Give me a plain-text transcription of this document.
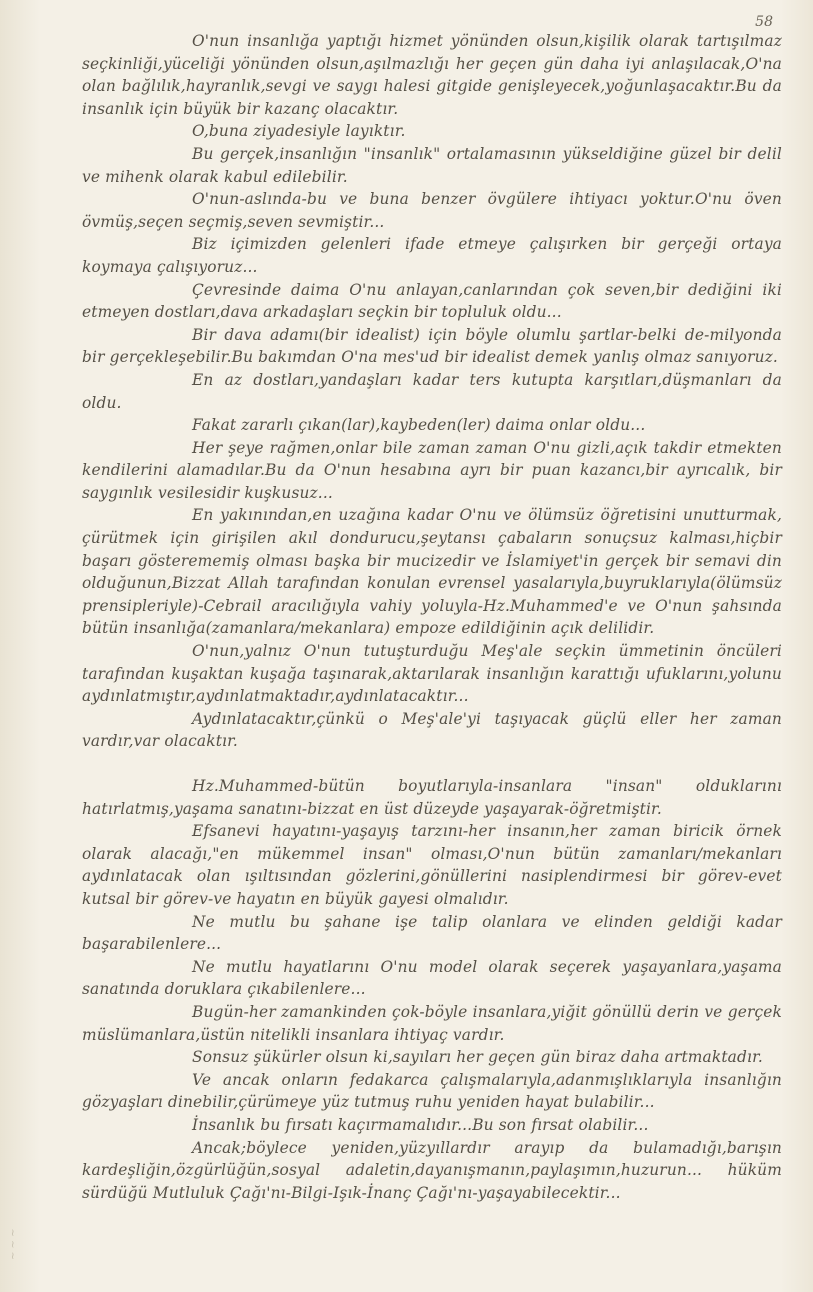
58
~ ~ ~

O'nun insanlığa yaptığı hizmet yönünden olsun,kişilik olarak tartışılmaz seçkinliği,yüceliği yönünden olsun,aşılmazlığı her geçen gün daha iyi anlaşılacak,O'na olan bağlılık,hayranlık,sevgi ve saygı halesi gitgide genişleyecek,yoğunlaşacaktır.Bu da insanlık için büyük bir kazanç olacaktır.

O,buna ziyadesiyle layıktır.

Bu gerçek,insanlığın "insanlık" ortalamasının yükseldiğine güzel bir delil ve mihenk olarak kabul edilebilir.

O'nun-aslında-bu ve buna benzer övgülere ihtiyacı yoktur.O'nu öven övmüş,seçen seçmiş,seven sevmiştir...

Biz içimizden gelenleri ifade etmeye çalışırken bir gerçeği ortaya koymaya çalışıyoruz...

Çevresinde daima O'nu anlayan,canlarından çok seven,bir dediğini iki etmeyen dostları,dava arkadaşları seçkin bir topluluk oldu...

Bir dava adamı(bir idealist) için böyle olumlu şartlar-belki de-milyonda bir gerçekleşebilir.Bu bakımdan O'na mes'ud bir idealist demek yanlış olmaz sanıyoruz.

En az dostları,yandaşları kadar ters kutupta karşıtları,düşmanları da oldu.

Fakat zararlı çıkan(lar),kaybeden(ler) daima onlar oldu...

Her şeye rağmen,onlar bile zaman zaman O'nu gizli,açık takdir etmekten kendilerini alamadılar.Bu da O'nun hesabına ayrı bir puan kazancı,bir ayrıcalık, bir saygınlık vesilesidir kuşkusuz...

En yakınından,en uzağına kadar O'nu ve ölümsüz öğretisini unutturmak, çürütmek için girişilen akıl dondurucu,şeytansı çabaların sonuçsuz kalması,hiçbir başarı gösterememiş olması başka bir mucizedir ve İslamiyet'in gerçek bir semavi din olduğunun,Bizzat Allah tarafından konulan evrensel yasalarıyla,buyruklarıyla(ölümsüz prensipleriyle)-Cebrail aracılığıyla vahiy yoluyla-Hz.Muhammed'e ve O'nun şahsında bütün insanlığa(zamanlara/mekanlara) empoze edildiğinin açık delilidir.

O'nun,yalnız O'nun tutuşturduğu Meş'ale seçkin ümmetinin öncüleri tarafından kuşaktan kuşağa taşınarak,aktarılarak insanlığın karattığı ufuklarını,yolunu aydınlatmıştır,aydınlatmaktadır,aydınlatacaktır...

Aydınlatacaktır,çünkü o Meş'ale'yi taşıyacak güçlü eller her zaman vardır,var olacaktır.

Hz.Muhammed-bütün boyutlarıyla-insanlara "insan" olduklarını hatırlatmış,yaşama sanatını-bizzat en üst düzeyde yaşayarak-öğretmiştir.

Efsanevi hayatını-yaşayış tarzını-her insanın,her zaman biricik örnek olarak alacağı,"en mükemmel insan" olması,O'nun bütün zamanları/mekanları aydınlatacak olan ışıltısından gözlerini,gönüllerini nasiplendirmesi bir görev-evet kutsal bir görev-ve hayatın en büyük gayesi olmalıdır.

Ne mutlu bu şahane işe talip olanlara ve elinden geldiği kadar başarabilenlere...

Ne mutlu hayatlarını O'nu model olarak seçerek yaşayanlara,yaşama sanatında doruklara çıkabilenlere...

Bugün-her zamankinden çok-böyle insanlara,yiğit gönüllü derin ve gerçek müslümanlara,üstün nitelikli insanlara ihtiyaç vardır.

Sonsuz şükürler olsun ki,sayıları her geçen gün biraz daha artmaktadır.

Ve ancak onların fedakarca çalışmalarıyla,adanmışlıklarıyla insanlığın gözyaşları dinebilir,çürümeye yüz tutmuş ruhu yeniden hayat bulabilir...

İnsanlık bu fırsatı kaçırmamalıdır...Bu son fırsat olabilir...

Ancak;böylece yeniden,yüzyıllardır arayıp da bulamadığı,barışın kardeşliğin,özgürlüğün,sosyal adaletin,dayanışmanın,paylaşımın,huzurun... hüküm sürdüğü Mutluluk Çağı'nı-Bilgi-Işık-İnanç Çağı'nı-yaşayabilecektir...
